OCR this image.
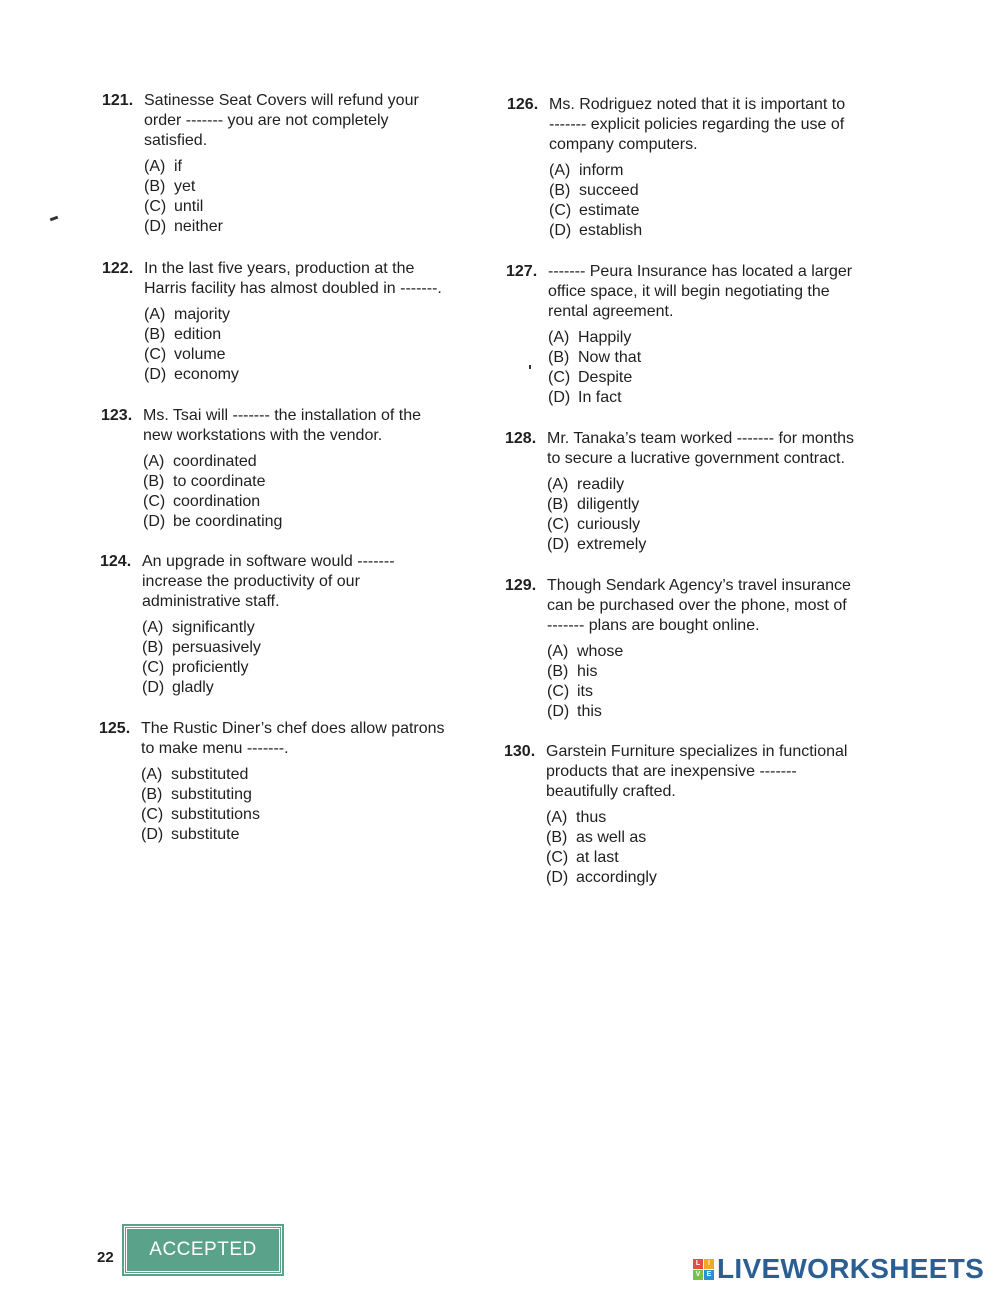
121. Satinesse Seat Covers will refund your
order ------- you are not completely
satisfied.
(A) if
(B) yet
(C) until
(D) neither
122. In the last five years, production at the
Harris facility has almost doubled in -------.
(A) majority
(B) edition
(C) volume
(D) economy
123. Ms. Tsai will ------- the installation of the
new workstations with the vendor.
(A) coordinated
(B) to coordinate
(C) coordination
(D) be coordinating
124. An upgrade in software would -------
increase the productivity of our
administrative staff.
(A) significantly
(B) persuasively
(C) proficiently
(D) gladly
125. The Rustic Diner’s chef does allow patrons
to make menu -------.
(A) substituted
(B) substituting
(C) substitutions
(D) substitute
126. Ms. Rodriguez noted that it is important to
------- explicit policies regarding the use of
company computers.
(A) inform
(B) succeed
(C) estimate
(D) establish
127. ------- Peura Insurance has located a larger
office space, it will begin negotiating the
rental agreement.
(A) Happily
(B) Now that
(C) Despite
(D) In fact
128. Mr. Tanaka’s team worked ------- for months
to secure a lucrative government contract.
(A) readily
(B) diligently
(C) curiously
(D) extremely
129. Though Sendark Agency’s travel insurance
can be purchased over the phone, most of
------- plans are bought online.
(A) whose
(B) his
(C) its
(D) this
130. Garstein Furniture specializes in functional
products that are inexpensive -------
beautifully crafted.
(A) thus
(B) as well as
(C) at last
(D) accordingly
22 ACCEPTED
L	I
V E LIVEWORKSHEETS
